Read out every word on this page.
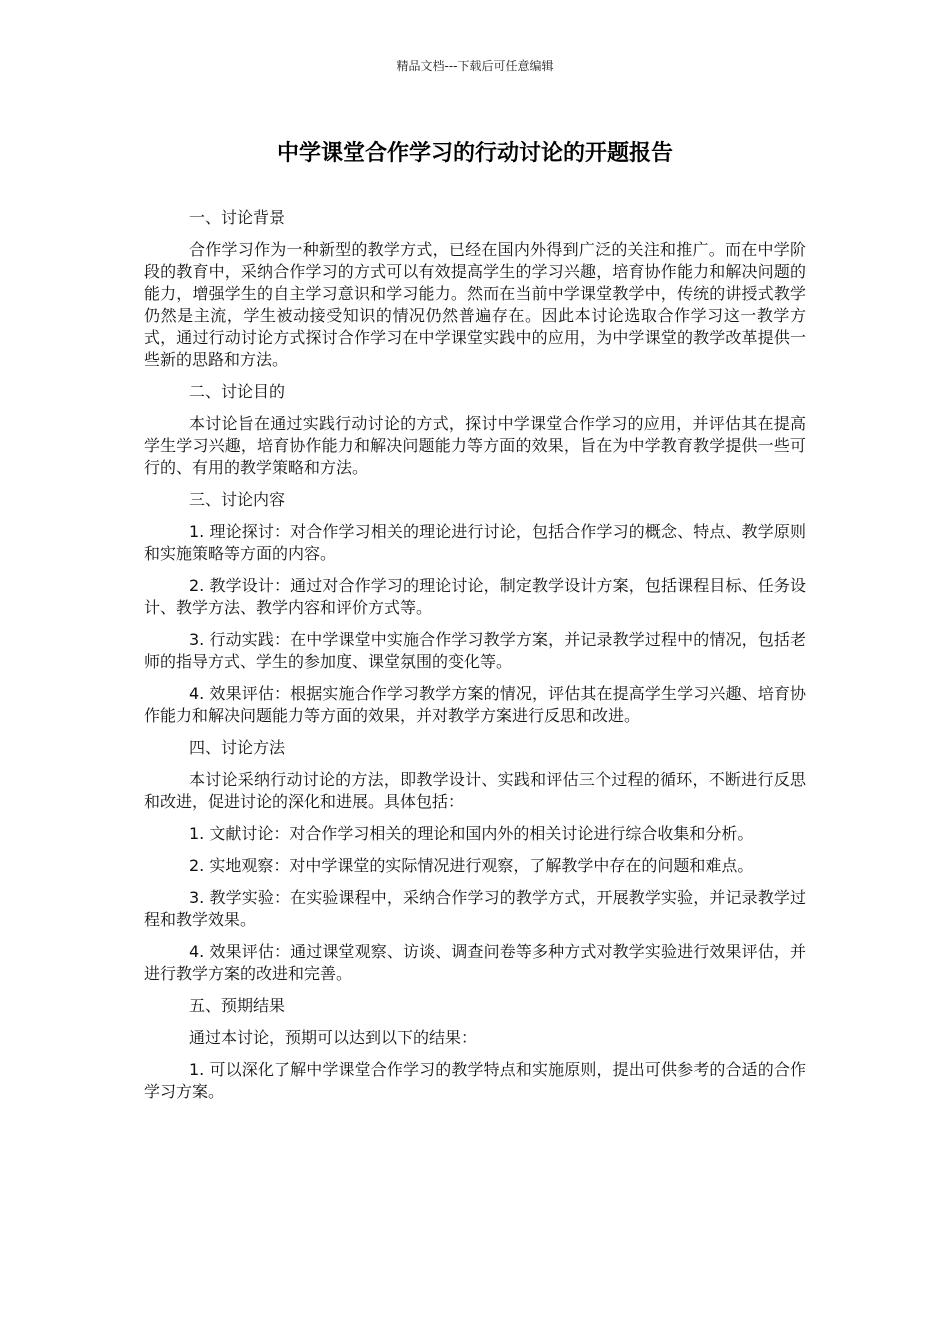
精品文档---下载后可任意编辑
中学课堂合作学习的行动讨论的开题报告

一、讨论背景

合作学习作为一种新型的教学方式，已经在国内外得到广泛的关注和推广。而在中学阶段的教育中，采纳合作学习的方式可以有效提高学生的学习兴趣，培育协作能力和解决问题的能力，增强学生的自主学习意识和学习能力。然而在当前中学课堂教学中，传统的讲授式教学仍然是主流，学生被动接受知识的情况仍然普遍存在。因此本讨论选取合作学习这一教学方式，通过行动讨论方式探讨合作学习在中学课堂实践中的应用，为中学课堂的教学改革提供一些新的思路和方法。

二、讨论目的

本讨论旨在通过实践行动讨论的方式，探讨中学课堂合作学习的应用，并评估其在提高学生学习兴趣，培育协作能力和解决问题能力等方面的效果，旨在为中学教育教学提供一些可行的、有用的教学策略和方法。

三、讨论内容

1. 理论探讨：对合作学习相关的理论进行讨论，包括合作学习的概念、特点、教学原则和实施策略等方面的内容。

2. 教学设计：通过对合作学习的理论讨论，制定教学设计方案，包括课程目标、任务设计、教学方法、教学内容和评价方式等。

3. 行动实践：在中学课堂中实施合作学习教学方案，并记录教学过程中的情况，包括老师的指导方式、学生的参加度、课堂氛围的变化等。

4. 效果评估：根据实施合作学习教学方案的情况，评估其在提高学生学习兴趣、培育协作能力和解决问题能力等方面的效果，并对教学方案进行反思和改进。

四、讨论方法

本讨论采纳行动讨论的方法，即教学设计、实践和评估三个过程的循环，不断进行反思和改进，促进讨论的深化和进展。具体包括：

1. 文献讨论：对合作学习相关的理论和国内外的相关讨论进行综合收集和分析。

2. 实地观察：对中学课堂的实际情况进行观察，了解教学中存在的问题和难点。

3. 教学实验：在实验课程中，采纳合作学习的教学方式，开展教学实验，并记录教学过程和教学效果。

4. 效果评估：通过课堂观察、访谈、调查问卷等多种方式对教学实验进行效果评估，并进行教学方案的改进和完善。

五、预期结果

通过本讨论，预期可以达到以下的结果：

1. 可以深化了解中学课堂合作学习的教学特点和实施原则，提出可供参考的合适的合作学习方案。
